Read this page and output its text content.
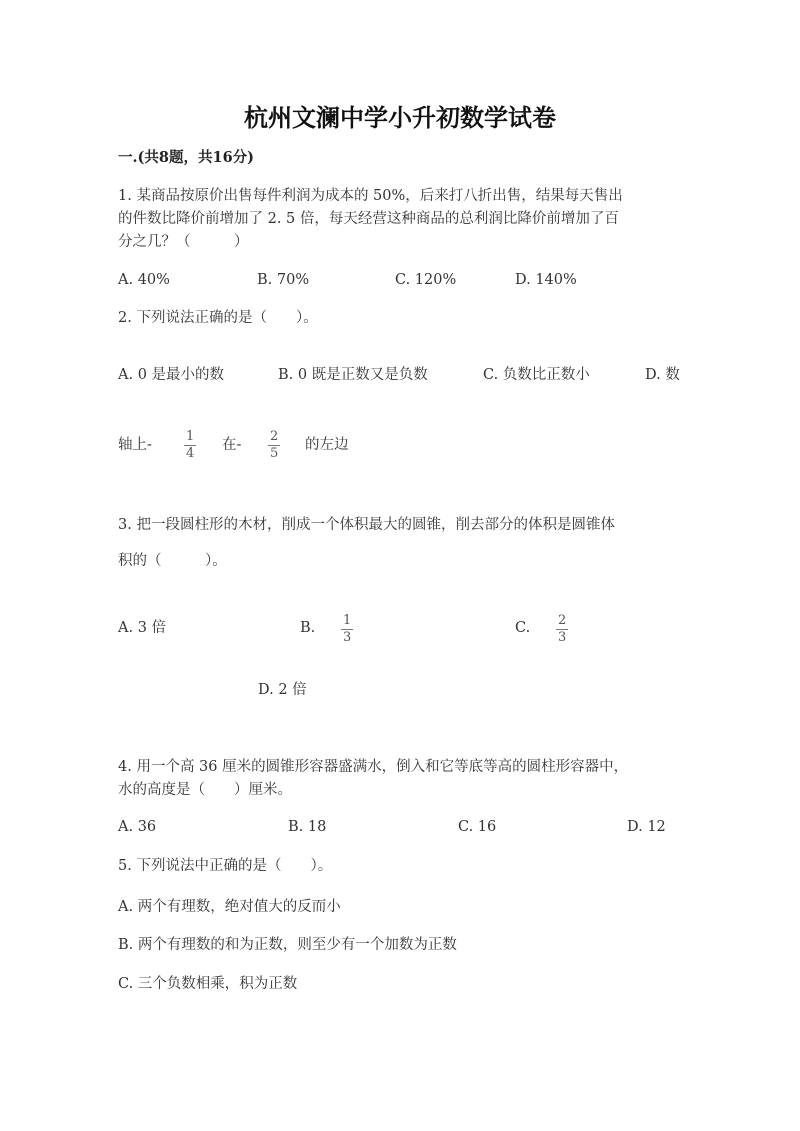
杭州文澜中学小升初数学试卷
一.(共8题，共16分)
1. 某商品按原价出售每件利润为成本的 50%，后来打八折出售，结果每天售出
的件数比降价前增加了 2. 5 倍，每天经营这种商品的总利润比降价前增加了百
分之几？（　　　）
A. 40%	B. 70%	C. 120%	D. 140%
2. 下列说法正确的是（　　）。
A. 0 是最小的数	B. 0 既是正数又是负数	C. 负数比正数小	D. 数
轴上- $\frac{1}{4}$ 在- $\frac{2}{5}$ 的左边
3. 把一段圆柱形的木材，削成一个体积最大的圆锥，削去部分的体积是圆锥体
积的（　　　）。
A. 3 倍	B. $\frac{1}{3}$	C. $\frac{2}{3}$
D. 2 倍
4. 用一个高 36 厘米的圆锥形容器盛满水，倒入和它等底等高的圆柱形容器中，
水的高度是（　　）厘米。
A. 36	B. 18	C. 16	D. 12
5. 下列说法中正确的是（　　）。
A. 两个有理数，绝对值大的反而小
B. 两个有理数的和为正数，则至少有一个加数为正数
C. 三个负数相乘，积为正数
